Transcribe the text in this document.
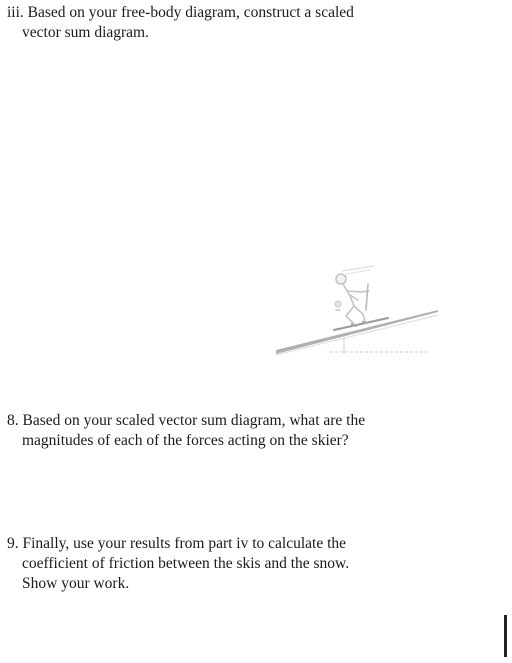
iii. Based on your free-body diagram, construct a scaled
vector sum diagram.
8. Based on your scaled vector sum diagram, what are the
magnitudes of each of the forces acting on the skier?
9. Finally, use your results from part iv to calculate the
coefficient of friction between the skis and the snow.
Show your work.
